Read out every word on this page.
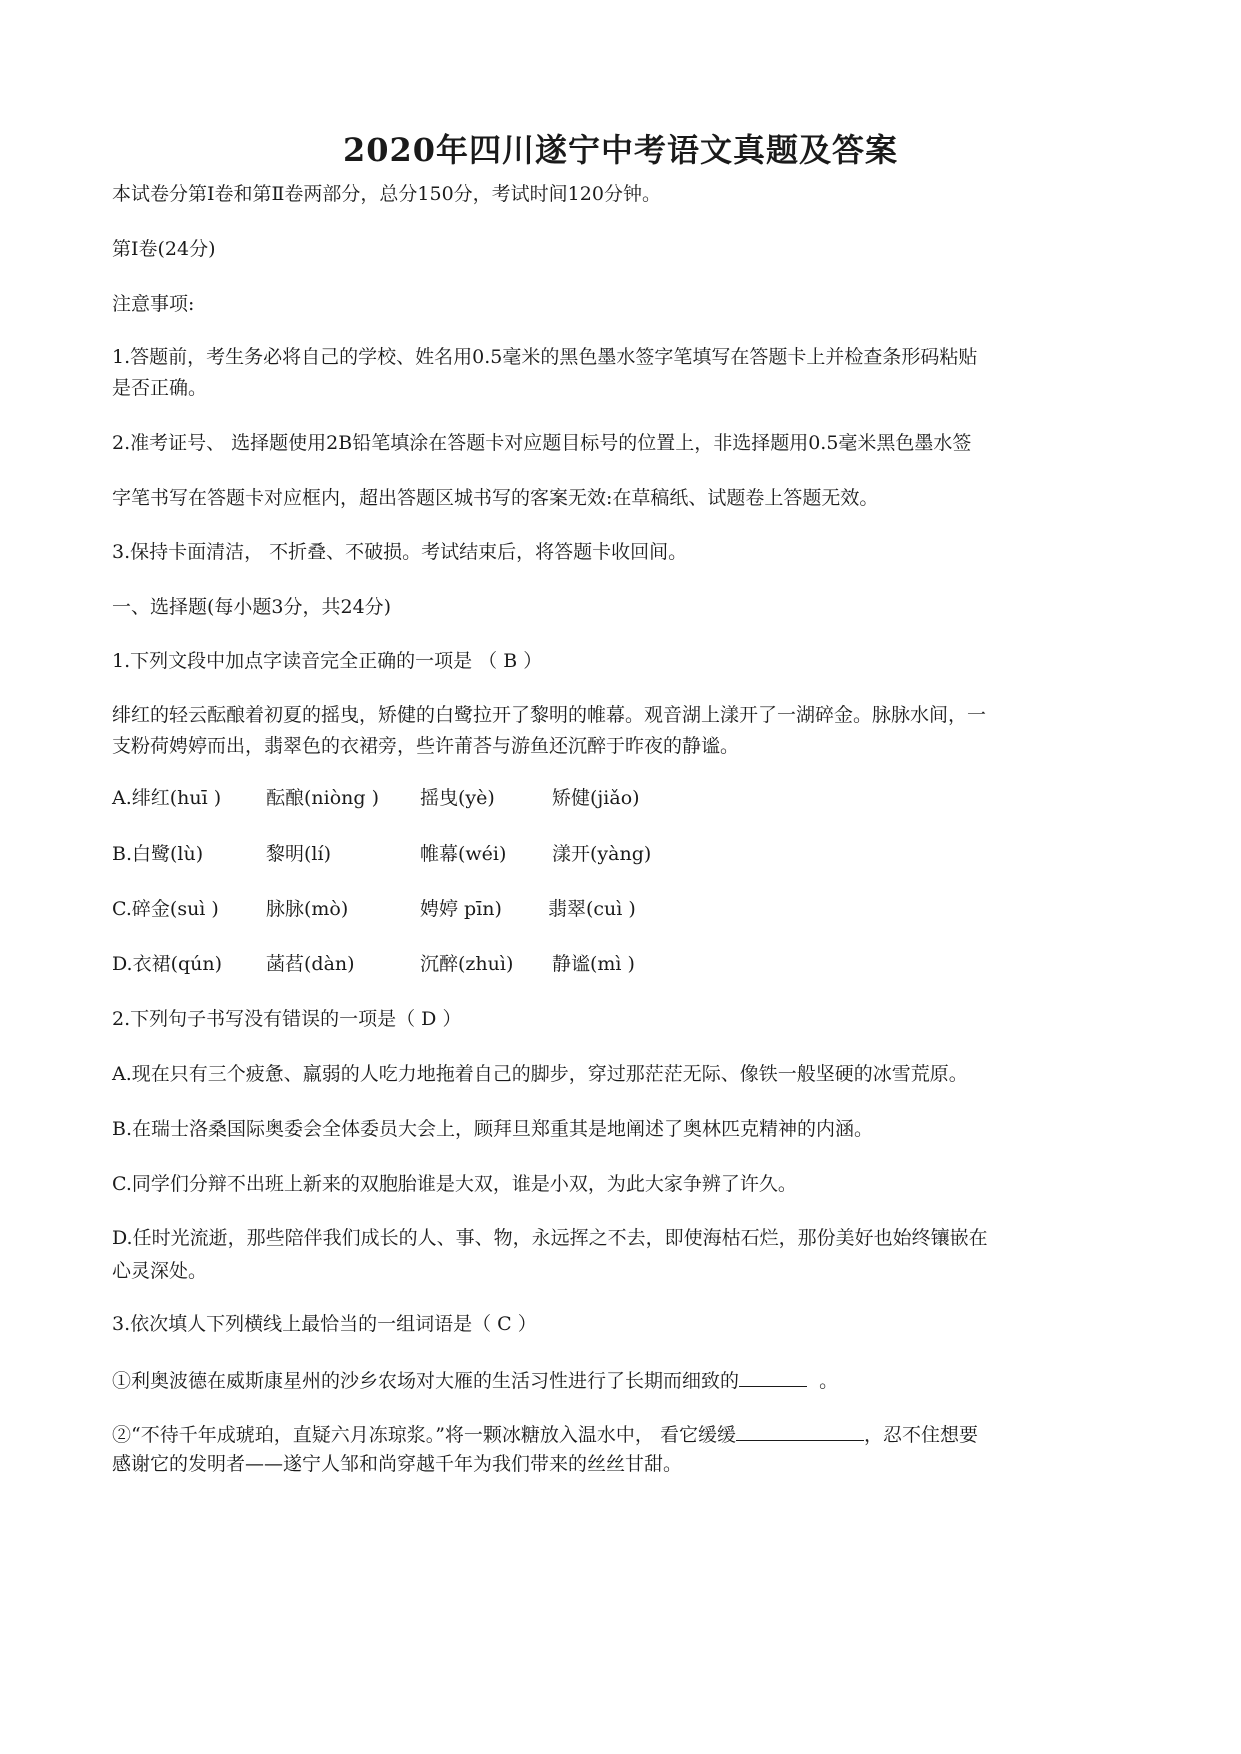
2020年四川遂宁中考语文真题及答案
本试卷分第Ⅰ卷和第Ⅱ卷两部分，总分150分，考试时间120分钟。
第Ⅰ卷(24分)
注意事项:
1.答题前，考生务必将自己的学校、姓名用0.5毫米的黑色墨水签字笔填写在答题卡上并检查条形码粘贴
是否正确。
2.准考证号、 选择题使用2B铅笔填涂在答题卡对应题目标号的位置上，非选择题用0.5毫米黑色墨水签
字笔书写在答题卡对应框内，超出答题区城书写的客案无效:在草稿纸、试题卷上答题无效。
3.保持卡面清洁， 不折叠、不破损。考试结束后，将答题卡收回间。
一、选择题(每小题3分，共24分)
1.下列文段中加点字读音完全正确的一项是 （ B ）
绯红的轻云酝酿着初夏的摇曳，矫健的白鹭拉开了黎明的帷幕。观音湖上漾开了一湖碎金。脉脉水间，一
支粉荷娉婷而出，翡翠色的衣裙旁，些许莆荅与游鱼还沉醉于昨夜的静谧。
A.绯红(huī ) 酝酿(niòng ) 摇曳(yè)	矫健(jiǎo)
B.白鹭(lù)	黎明(lí)	帷幕(wéi) 漾开(yàng)
C.碎金(suì ) 脉脉(mò)	娉婷 pīn) 翡翠(cuì )
D.衣裙(qún) 菡萏(dàn)	沉醉(zhuì) 静谧(mì )
2.下列句子书写没有错误的一项是（ D ）
A.现在只有三个疲惫、羸弱的人吃力地拖着自己的脚步，穿过那茫茫无际、像铁一般坚硬的冰雪荒原。
B.在瑞士洛桑国际奥委会全体委员大会上，顾拜旦郑重其是地阐述了奥林匹克精神的内涵。
C.同学们分辩不出班上新来的双胞胎谁是大双，谁是小双，为此大家争辨了许久。
D.任时光流逝，那些陪伴我们成长的人、事、物，永远挥之不去，即使海枯石烂，那份美好也始终镶嵌在
心灵深处。
3.依次填人下列横线上最恰当的一组词语是（ C ）
①利奥波德在威斯康星州的沙乡农场对大雁的生活习性进行了长期而细致的	。
②“不待千年成琥珀，直疑六月冻琼浆。”将一颗冰糖放入温水中， 看它缓缓	，忍不住想要
感谢它的发明者——遂宁人邹和尚穿越千年为我们带来的丝丝甘甜。
